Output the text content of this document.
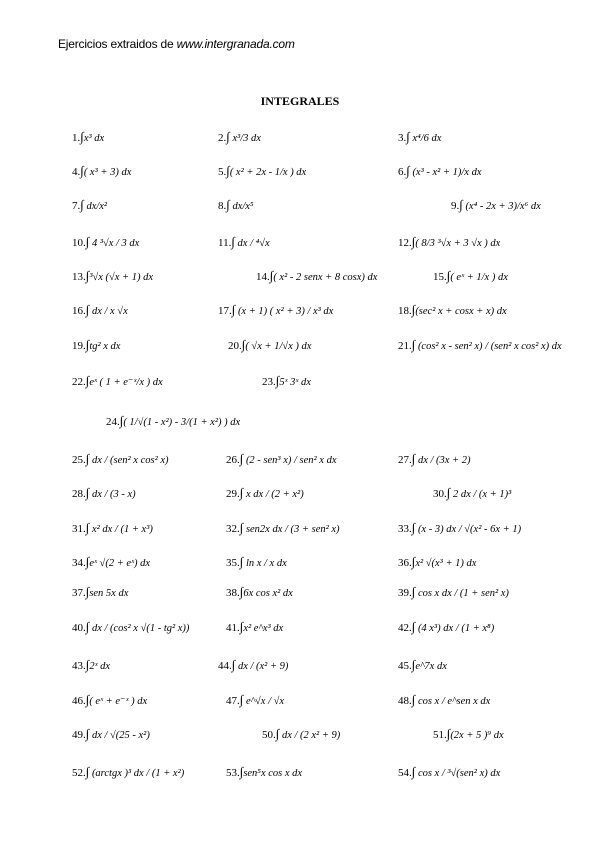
Ejercicios extraidos de www.intergranada.com
INTEGRALES
1.∫x³ dx	2.∫ x³/3 dx	3.∫ x⁴/6 dx
4.∫( x³ + 3) dx	5.∫( x² + 2x - 1/x ) dx	6.∫ (x³ - x² + 1)/x dx
7.∫ dx/x²	8.∫ dx/x⁵	9.∫ (x⁴ - 2x + 3)/x⁶ dx
10.∫ 4 ³√x / 3 dx	11.∫ dx / ⁴√x	12.∫( 8/3 ³√x + 3 √x ) dx
13.∫³√x (√x + 1) dx	14.∫( x² - 2 senx + 8 cosx) dx	15.∫( eˣ + 1/x ) dx
16.∫ dx / x √x	17.∫ (x + 1) ( x² + 3) / x³ dx	18.∫(sec² x + cosx + x) dx
19.∫tg² x dx	20.∫( √x + 1/√x ) dx	21.∫ (cos² x - sen² x) / (sen² x cos² x) dx
22.∫eˣ ( 1 + e⁻ˣ/x ) dx	23.∫5ˣ 3ˣ dx
24.∫( 1/√(1 - x²) - 3/(1 + x²) ) dx
25.∫ dx / (sen² x cos² x)	26.∫ (2 - sen³ x) / sen² x dx	27.∫ dx / (3x + 2)
28.∫ dx / (3 - x)	29.∫ x dx / (2 + x²)	30.∫ 2 dx / (x + 1)³
31.∫ x² dx / (1 + x³)	32.∫ sen2x dx / (3 + sen² x)	33.∫ (x - 3) dx / √(x² - 6x + 1)
34.∫eˣ √(2 + eˣ) dx	35.∫ ln x / x dx	36.∫x² √(x³ + 1) dx
37.∫sen 5x dx	38.∫6x cos x² dx	39.∫ cos x dx / (1 + sen² x)
40.∫ dx / (cos² x √(1 - tg² x))	41.∫x² e^x³ dx	42.∫ (4 x³) dx / (1 + x⁸)
43.∫2ˣ dx	44.∫ dx / (x² + 9)	45.∫e^7x dx
46.∫( eˣ + e⁻ˣ ) dx	47.∫ e^√x / √x	48.∫ cos x / e^sen x dx
49.∫ dx / √(25 - x²)	50.∫ dx / (2 x² + 9)	51.∫(2x + 5 )⁹ dx
52.∫ (arctgx )³ dx / (1 + x²)	53.∫sen⁵x cos x dx	54.∫ cos x / ³√(sen² x) dx
